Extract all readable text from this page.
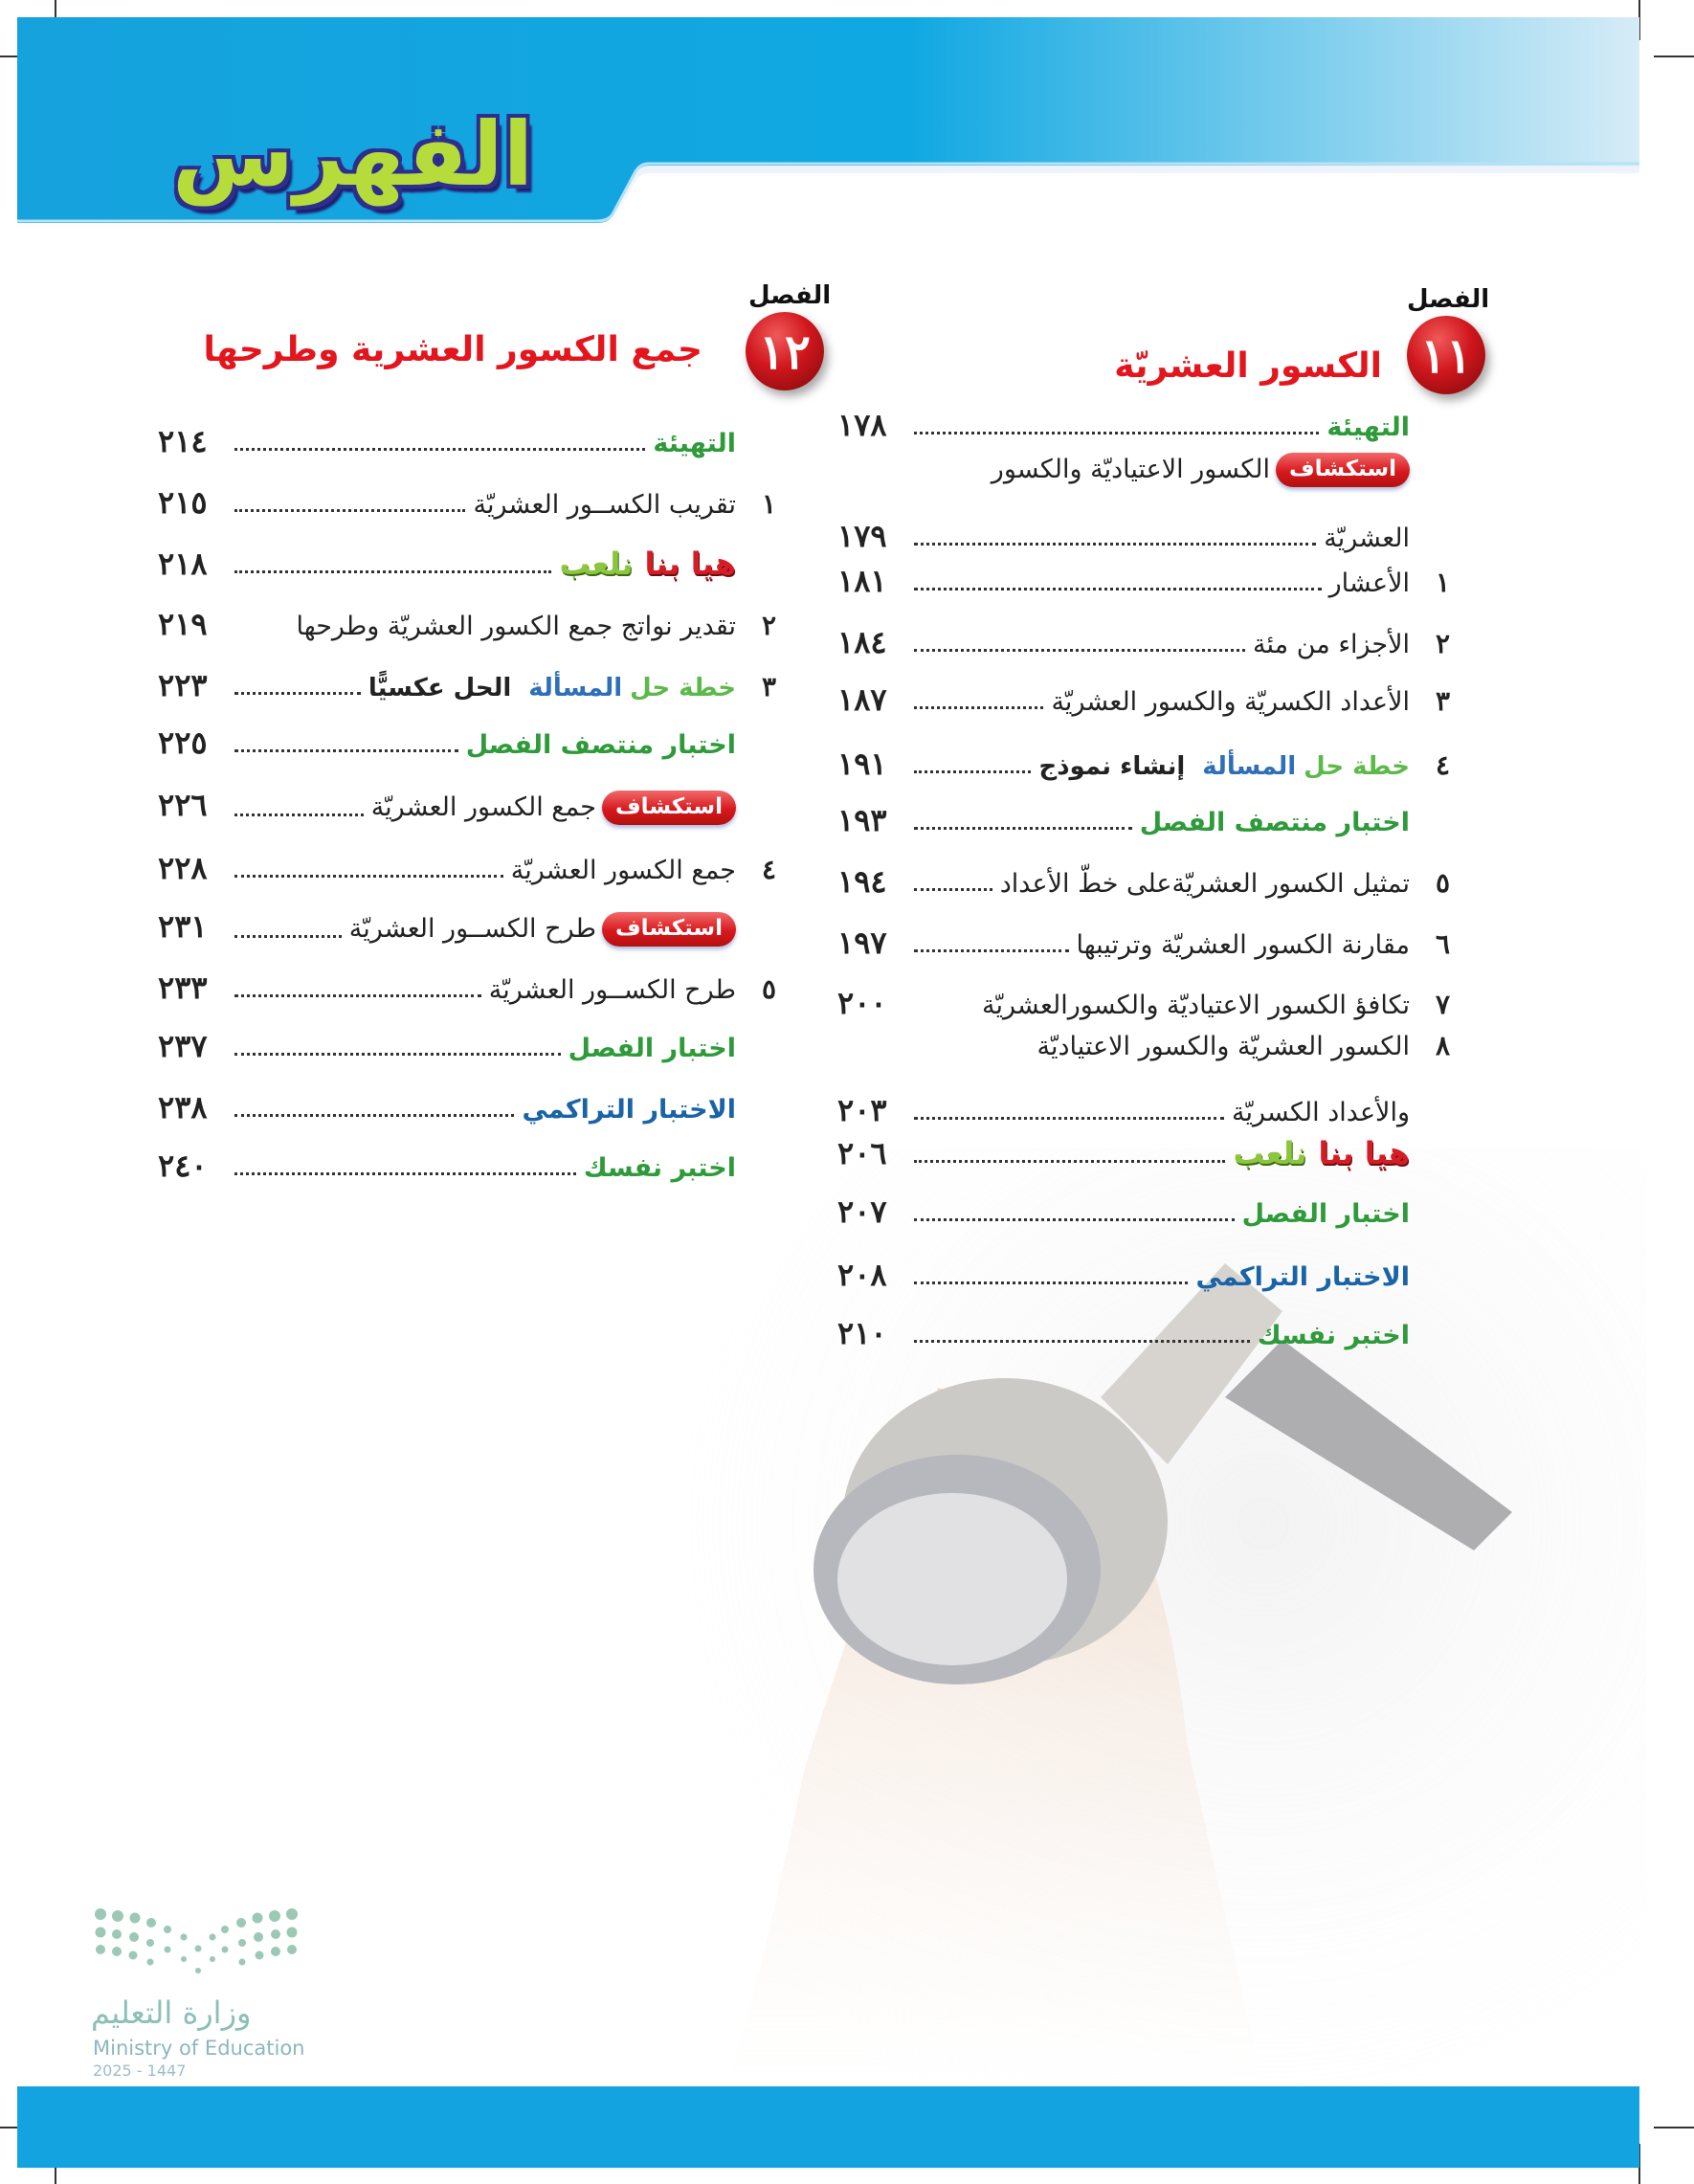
الفهرس
الفصل
١١
الكسور العشريّة
الفصل
١٢
جمع الكسور العشرية وطرحها
التهيئة
١٧٨
استكشاف
الكسور الاعتياديّة والكسور
العشريّة
١٧٩
١
الأعشار
١٨١
٢
الأجزاء من مئة
١٨٤
٣
الأعداد الكسريّة والكسور العشريّة
١٨٧
٤
خطة حل
المسألة
إنشاء نموذج
١٩١
اختبار منتصف الفصل
١٩٣
٥
تمثيل الكسور العشريّةعلى خطّ الأعداد
١٩٤
٦
مقارنة الكسور العشريّة وترتيبها
١٩٧
٧
تكافؤ الكسور الاعتياديّة والكسورالعشريّة
٢٠٠
٨
الكسور العشريّة والكسور الاعتياديّة
والأعداد الكسريّة
٢٠٣
هيا بنا
نلعب
٢٠٦
اختبار الفصل
٢٠٧
الاختبار التراكمي
٢٠٨
اختبر نفسك
٢١٠
التهيئة
٢١٤
١
تقريب الكســور العشريّة
٢١٥
هيا بنا
نلعب
٢١٨
٢
تقدير نواتج جمع الكسور العشريّة وطرحها
٢١٩
٣
خطة حل
المسألة
الحل عكسيًّا
٢٢٣
اختبار منتصف الفصل
٢٢٥
استكشاف
جمع الكسور العشريّة
٢٢٦
٤
جمع الكسور العشريّة
٢٢٨
استكشاف
طرح الكســور العشريّة
٢٣١
٥
طرح الكســور العشريّة
٢٣٣
اختبار الفصل
٢٣٧
الاختبار التراكمي
٢٣٨
اختبر نفسك
٢٤٠
وزارة التعليم
Ministry of Education
2025 - 1447
